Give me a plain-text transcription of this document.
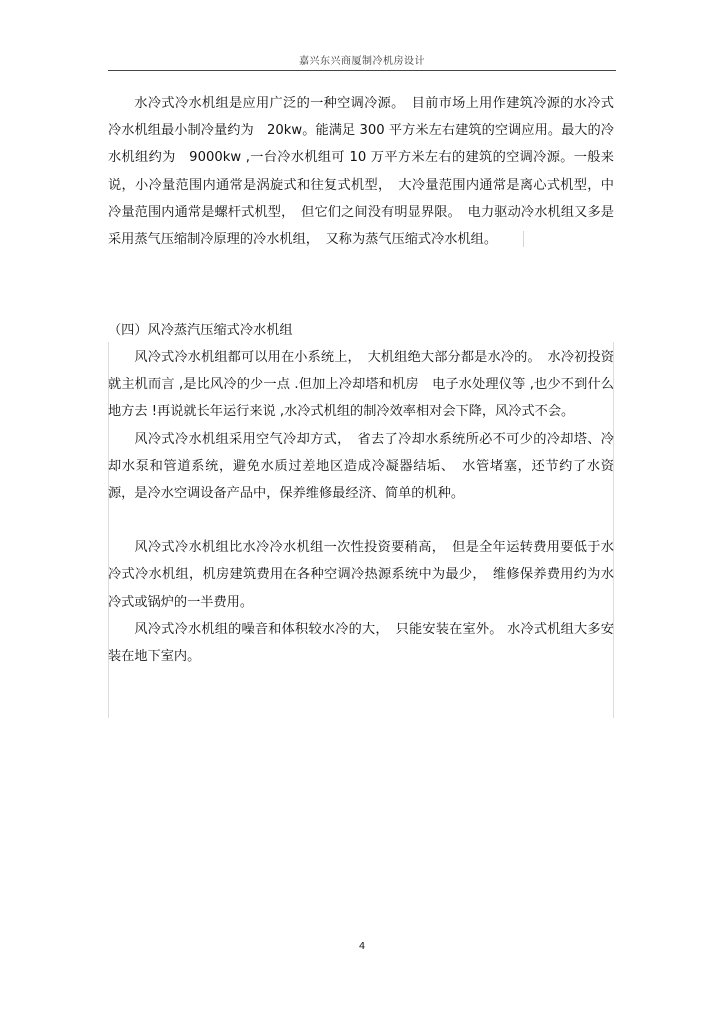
嘉兴东兴商厦制冷机房设计

水冷式冷水机组是应用广泛的一种空调冷源。　目前市场上用作建筑冷源的水冷式冷水机组最小制冷量约为　20kw。能满足 300 平方米左右建筑的空调应用。最大的冷水机组约为　9000kw ,一台冷水机组可 10 万平方米左右的建筑的空调冷源。一般来说，小冷量范围内通常是涡旋式和往复式机型，　大冷量范围内通常是离心式机型，中冷量范围内通常是螺杆式机型，　但它们之间没有明显界限。　电力驱动冷水机组又多是采用蒸气压缩制冷原理的冷水机组，　又称为蒸气压缩式冷水机组。

（四）风冷蒸汽压缩式冷水机组

风冷式冷水机组都可以用在小系统上，　大机组绝大部分都是水冷的。　水冷初投资就主机而言 ,是比风冷的少一点 .但加上冷却塔和机房　电子水处理仪等 ,也少不到什么地方去 !再说就长年运行来说 ,水冷式机组的制冷效率相对会下降，风冷式不会。

风冷式冷水机组采用空气冷却方式，　省去了冷却水系统所必不可少的冷却塔、冷却水泵和管道系统，避免水质过差地区造成冷凝器结垢、　水管堵塞，还节约了水资源，是冷水空调设备产品中，保养维修最经济、简单的机种。

风冷式冷水机组比水冷冷水机组一次性投资要稍高，　但是全年运转费用要低于水冷式冷水机组，机房建筑费用在各种空调冷热源系统中为最少，　维修保养费用约为水冷式或锅炉的一半费用。

风冷式冷水机组的噪音和体积较水冷的大，　只能安装在室外。 水冷式机组大多安装在地下室内。

4
